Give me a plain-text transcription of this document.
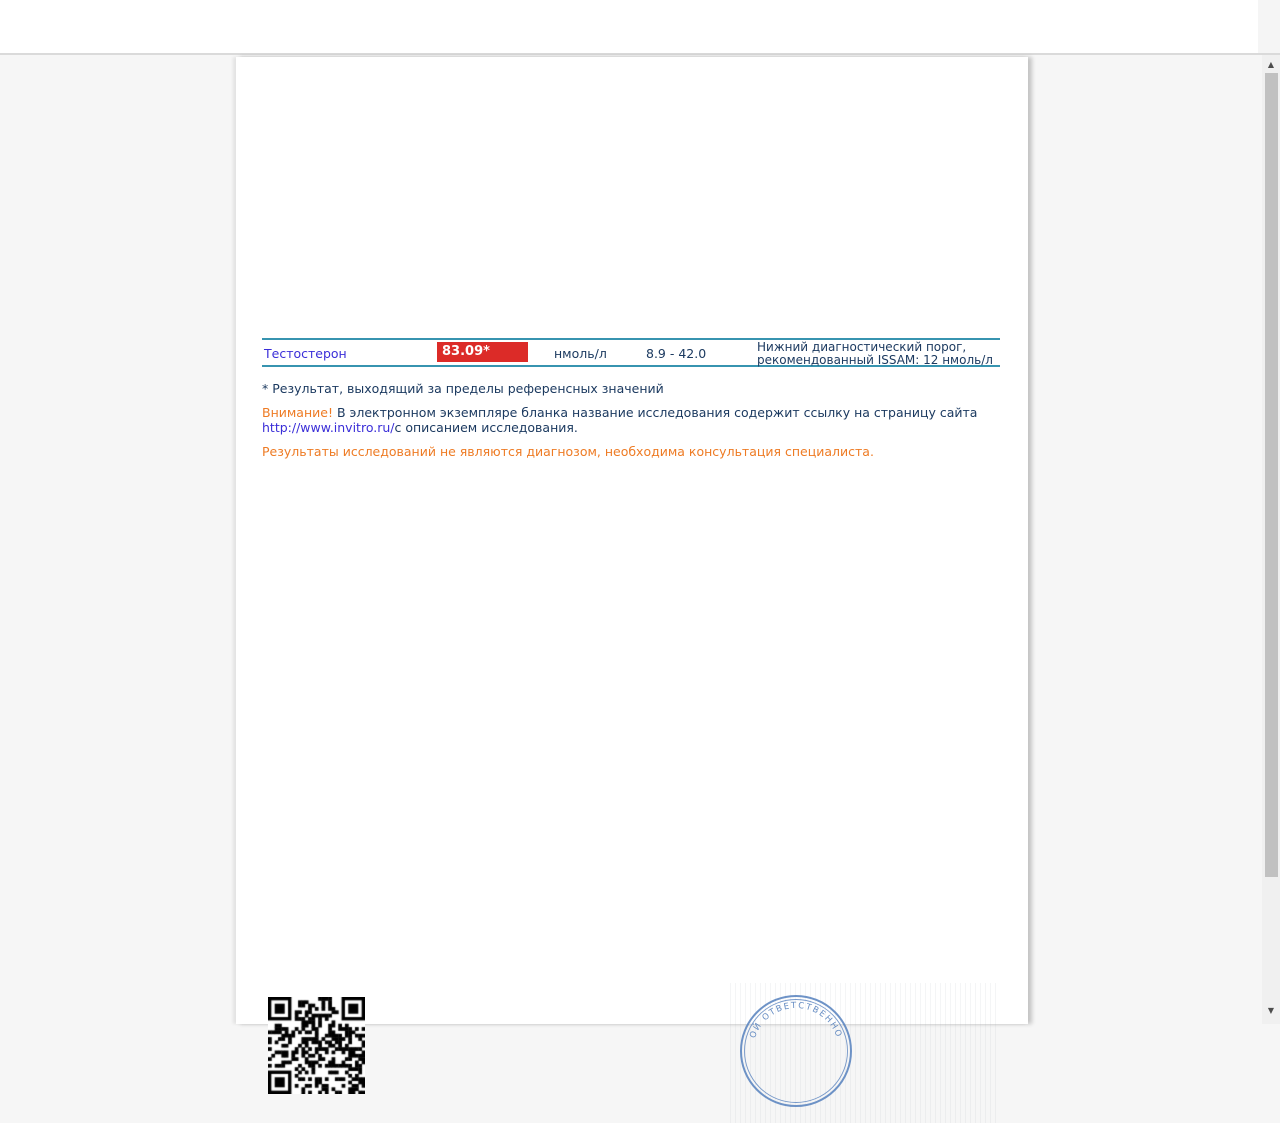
Тестостерон	83.09*	нмоль/л	8.9 - 42.0	Нижний диагностический порог,
рекомендованный ISSAM: 12 нмоль/л
* Результат, выходящий за пределы референсных значений
Внимание! В электронном экземпляре бланка название исследования содержит ссылку на страницу сайта
http://www.invitro.ru/с описанием исследования.
Результаты исследований не являются диагнозом, необходима консультация специалиста.
ОЙ ОТВЕТСТВЕННО
▲
▼
